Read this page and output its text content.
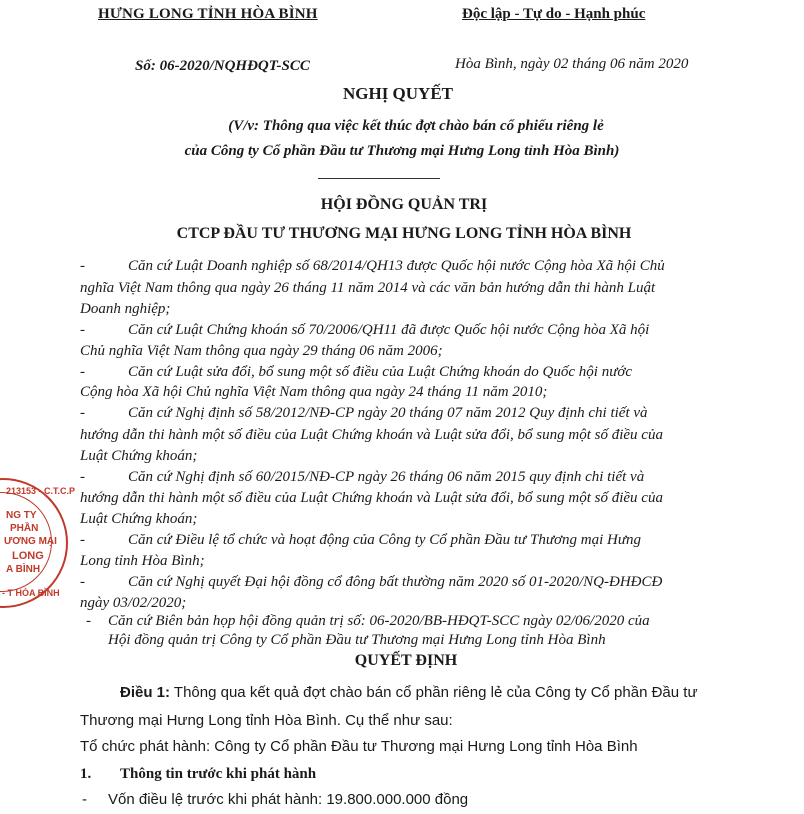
HƯNG LONG TỈNH HÒA BÌNH	Độc lập - Tự do - Hạnh phúc
Số: 06-2020/NQHĐQT-SCC	Hòa Bình, ngày 02 tháng 06 năm 2020
NGHỊ QUYẾT
(V/v: Thông qua việc kết thúc đợt chào bán cổ phiếu riêng lẻ
của Công ty Cổ phần Đầu tư Thương mại Hưng Long tỉnh Hòa Bình)
HỘI ĐỒNG QUẢN TRỊ
CTCP ĐẦU TƯ THƯƠNG MẠI HƯNG LONG TỈNH HÒA BÌNH
-	Căn cứ Luật Doanh nghiệp số 68/2014/QH13 được Quốc hội nước Cộng hòa Xã hội Chủ
nghĩa Việt Nam thông qua ngày 26 tháng 11 năm 2014 và các văn bản hướng dẫn thi hành Luật
Doanh nghiệp;
-	Căn cứ Luật Chứng khoán số 70/2006/QH11 đã được Quốc hội nước Cộng hòa Xã hội
Chủ nghĩa Việt Nam thông qua ngày 29 tháng 06 năm 2006;
-	Căn cứ Luật sửa đổi, bổ sung một số điều của Luật Chứng khoán do Quốc hội nước
Cộng hòa Xã hội Chủ nghĩa Việt Nam thông qua ngày 24 tháng 11 năm 2010;
-	Căn cứ Nghị định số 58/2012/NĐ-CP ngày 20 tháng 07 năm 2012 Quy định chi tiết và
hướng dẫn thi hành một số điều của Luật Chứng khoán và Luật sửa đổi, bổ sung một số điều của
Luật Chứng khoán;
-	Căn cứ Nghị định số 60/2015/NĐ-CP ngày 26 tháng 06 năm 2015 quy định chi tiết và
hướng dẫn thi hành một số điều của Luật Chứng khoán và Luật sửa đổi, bổ sung một số điều của
Luật Chứng khoán;
-	Căn cứ Điều lệ tổ chức và hoạt động của Công ty Cổ phần Đầu tư Thương mại Hưng
Long tỉnh Hòa Bình;
-	Căn cứ Nghị quyết Đại hội đồng cổ đông bất thường năm 2020 số 01-2020/NQ-ĐHĐCĐ
ngày 03/02/2020;
- Căn cứ Biên bản họp hội đồng quản trị số: 06-2020/BB-HĐQT-SCC ngày 02/06/2020 của
Hội đồng quản trị Công ty Cổ phần Đầu tư Thương mại Hưng Long tỉnh Hòa Bình
QUYẾT ĐỊNH
Điều 1: Thông qua kết quả đợt chào bán cổ phần riêng lẻ của Công ty Cổ phần Đầu tư
Thương mại Hưng Long tỉnh Hòa Bình. Cụ thể như sau:
Tổ chức phát hành: Công ty Cổ phần Đầu tư Thương mại Hưng Long tỉnh Hòa Bình
1. Thông tin trước khi phát hành
- Vốn điều lệ trước khi phát hành: 19.800.000.000 đồng
213153 - C.T.C.P
NG TY
PHẦN
ƯƠNG MẠI
LONG
A BÌNH
- T HÒA BÌNH
